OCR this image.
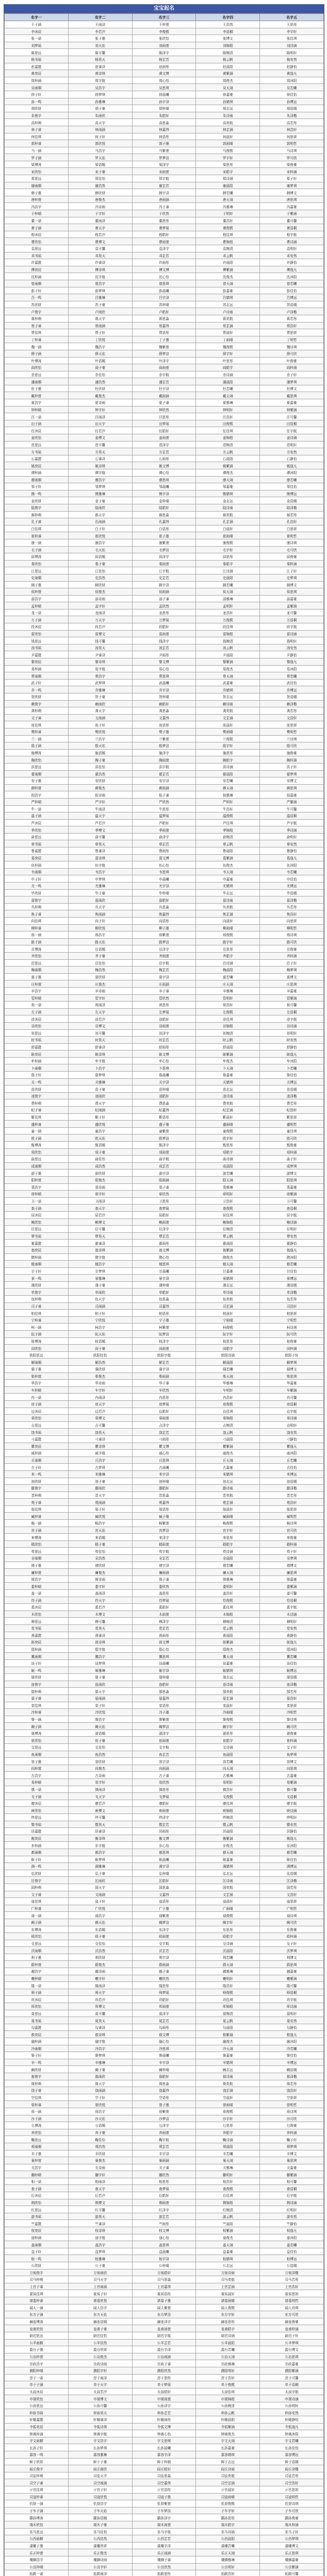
宝宝起名
名字一	名字二	名字三	名字四	名字五
王子涵	王雨泽	王梓萱	王浩然	王思彤
李沐辰	李若汐	李俊熙	李语桐	李宇轩
张一诺	张子墨	张欣怡	张博文	张佳琪
刘梦瑶	刘天佑	刘雨萱	刘锦程	刘诗涵
陈思远	陈可馨	陈泽宇	陈婉清	陈明轩
杨书瑶	杨昊天	杨芷若	杨云帆	杨安然
赵嘉懿	赵睿泽	赵雨彤	赵晨阳	赵静怡
黄奕辰	黄诗琪	黄文博	黄紫涵	黄逸凡
周梓涵	周宇航	周心怡	周俊杰	周沐阳
吴雨桐	吴浩宇	吴思琪	吴天翊	吴若曦
徐子轩	徐梦琪	徐晨曦	徐嘉豪	徐佳怡
孙一鸣	孙雅琳	孙宇泽	孙婧琪	孙博远
胡欣妍	胡子豪	胡梓晴	胡志远	胡语嫣
朱俊宇	朱雨欣	朱皓轩	朱诗雨	朱泽楷
高梓萌	高天宇	高思淼	高奕航	高若彤
林子睿	林雨涵	林嘉伟	林芷涵	林浩轩
何佳琪	何子轩	何语彤	何晨轩	何思妍
郭梓睿	郭欣悦	郭子墨	郭雨晴	郭明哲
马一涵	马浩宇	马紫萱	马俊熙	马诗琪
罗子涵	罗天佑	罗梦洁	罗宇轩	罗可欣
梁博涛	梁语嫣	梁泽宇	梁思彤	梁俊豪
宋欣怡	宋子豪	宋雨萱	宋皓宇	宋梓涵
郑思远	郑佳怡	郑宇航	郑诗涵	郑子轩
谢雨桐	谢浩然	谢芷若	谢晨阳	谢梦琪
韩子墨	韩欣妍	韩宇泽	韩若曦	韩博文
唐梓萱	唐俊杰	唐雨涵	唐天翊	唐思琪
冯浩宇	冯诗雨	冯子睿	冯雅琳	冯嘉豪
于梓晴	于宇轩	于欣然	于明轩	于紫涵
董一诺	董雨泽	董思彤	董浩轩	董可馨
萧子涵	萧天宇	萧梦瑶	萧俊熙	萧语桐
程沐辰	程若汐	程皓轩	程佳琪	程宇航
曹欣怡	曹博文	曹雨萱	曹锦程	曹诗涵
袁思远	袁可馨	袁泽宇	袁婉清	袁明轩
邓书瑶	邓昊天	邓芷若	邓云帆	邓安然
许嘉懿	许睿泽	许雨彤	许晨阳	许静怡
傅奕辰	傅诗琪	傅文博	傅紫涵	傅逸凡
沈梓涵	沈宇航	沈心怡	沈俊杰	沈沐阳
曾雨桐	曾浩宇	曾思琪	曾天翊	曾若曦
彭子轩	彭梦琪	彭晨曦	彭嘉豪	彭佳怡
吕一鸣	吕雅琳	吕宇泽	吕婧琪	吕博远
苏欣妍	苏子豪	苏梓晴	苏志远	苏语嫣
卢俊宇	卢雨欣	卢皓轩	卢诗雨	卢泽楷
蒋梓萌	蒋天宇	蒋思淼	蒋奕航	蒋若彤
蔡子睿	蔡雨涵	蔡嘉伟	蔡芷涵	蔡浩轩
贾佳琪	贾子轩	贾语彤	贾晨轩	贾思妍
丁梓睿	丁欣悦	丁子墨	丁雨晴	丁明哲
魏一涵	魏浩宇	魏紫萱	魏俊熙	魏诗琪
薛子涵	薛天佑	薛梦洁	薛宇轩	薛可欣
叶博涛	叶语嫣	叶泽宇	叶思彤	叶俊豪
阎欣怡	阎子豪	阎雨萱	阎皓宇	阎梓涵
余思远	余佳怡	余宇航	余诗涵	余子轩
潘雨桐	潘浩然	潘芷若	潘晨阳	潘梦琪
杜子墨	杜欣妍	杜宇泽	杜若曦	杜博文
戴梓萱	戴俊杰	戴雨涵	戴天翊	戴思琪
夏浩宇	夏诗雨	夏子睿	夏雅琳	夏嘉豪
钟梓晴	钟宇轩	钟欣然	钟明轩	钟紫涵
汪一诺	汪雨泽	汪思彤	汪浩轩	汪可馨
田子涵	田天宇	田梦瑶	田俊熙	田语桐
任沐辰	任若汐	任皓轩	任佳琪	任宇航
姜欣怡	姜博文	姜雨萱	姜锦程	姜诗涵
范思远	范可馨	范泽宇	范婉清	范明轩
方书瑶	方昊天	方芷若	方云帆	方安然
石嘉懿	石睿泽	石雨彤	石晨阳	石静怡
姚奕辰	姚诗琪	姚文博	姚紫涵	姚逸凡
谭梓涵	谭宇航	谭心怡	谭俊杰	谭沐阳
廖雨桐	廖浩宇	廖思琪	廖天翊	廖若曦
邹子轩	邹梦琪	邹晨曦	邹嘉豪	邹佳怡
熊一鸣	熊雅琳	熊宇泽	熊婧琪	熊博远
金欣妍	金子豪	金梓晴	金志远	金语嫣
陆俊宇	陆雨欣	陆皓轩	陆诗雨	陆泽楷
郝梓萌	郝天宇	郝思淼	郝奕航	郝若彤
孔子睿	孔雨涵	孔嘉伟	孔芷涵	孔浩轩
白佳琪	白子轩	白语彤	白晨轩	白思妍
崔梓睿	崔欣悦	崔子墨	崔雨晴	崔明哲
康一涵	康浩宇	康紫萱	康俊熙	康诗琪
毛子涵	毛天佑	毛梦洁	毛宇轩	毛可欣
邱博涛	邱语嫣	邱泽宇	邱思彤	邱俊豪
秦欣怡	秦子豪	秦雨萱	秦皓宇	秦梓涵
江思远	江佳怡	江宇航	江诗涵	江子轩
史雨桐	史浩然	史芷若	史晨阳	史梦琪
顾子墨	顾欣妍	顾宇泽	顾若曦	顾博文
侯梓萱	侯俊杰	侯雨涵	侯天翊	侯思琪
邵浩宇	邵诗雨	邵子睿	邵雅琳	邵嘉豪
孟梓晴	孟宇轩	孟欣然	孟明轩	孟紫涵
龙一诺	龙雨泽	龙思彤	龙浩轩	龙可馨
万子涵	万天宇	万梦瑶	万俊熙	万语桐
段沐辰	段若汐	段皓轩	段佳琪	段宇航
雷欣怡	雷博文	雷雨萱	雷锦程	雷诗涵
钱思远	钱可馨	钱泽宇	钱婉清	钱明轩
汤书瑶	汤昊天	汤芷若	汤云帆	汤安然
尹嘉懿	尹睿泽	尹雨彤	尹晨阳	尹静怡
黎奕辰	黎诗琪	黎文博	黎紫涵	黎逸凡
易梓涵	易宇航	易心怡	易俊杰	易沐阳
常雨桐	常浩宇	常思琪	常天翊	常若曦
武子轩	武梦琪	武晨曦	武嘉豪	武佳怡
乔一鸣	乔雅琳	乔宇泽	乔婧琪	乔博远
贺欣妍	贺子豪	贺梓晴	贺志远	贺语嫣
赖俊宇	赖雨欣	赖皓轩	赖诗雨	赖泽楷
龚梓萌	龚天宇	龚思淼	龚奕航	龚若彤
文子睿	文雨涵	文嘉伟	文芷涵	文浩轩
庞佳琪	庞子轩	庞语彤	庞晨轩	庞思妍
樊梓睿	樊欣悦	樊子墨	樊雨晴	樊明哲
兰一涵	兰浩宇	兰紫萱	兰俊熙	兰诗琪
殷子涵	殷天佑	殷梦洁	殷宇轩	殷可欣
施博涛	施语嫣	施泽宇	施思彤	施俊豪
陶欣怡	陶子豪	陶雨萱	陶皓宇	陶梓涵
洪思远	洪佳怡	洪宇航	洪诗涵	洪子轩
翟雨桐	翟浩然	翟芷若	翟晨阳	翟梦琪
安子墨	安欣妍	安宇泽	安若曦	安博文
颜梓萱	颜俊杰	颜雨涵	颜天翊	颜思琪
倪浩宇	倪诗雨	倪子睿	倪雅琳	倪嘉豪
严梓晴	严宇轩	严欣然	严明轩	严紫涵
牛一诺	牛雨泽	牛思彤	牛浩轩	牛可馨
温子涵	温天宇	温梦瑶	温俊熙	温语桐
芦沐辰	芦若汐	芦皓轩	芦佳琪	芦宇航
季欣怡	季博文	季雨萱	季锦程	季诗涵
俞思远	俞可馨	俞泽宇	俞婉清	俞明轩
章书瑶	章昊天	章芷若	章云帆	章安然
鲁嘉懿	鲁睿泽	鲁雨彤	鲁晨阳	鲁静怡
葛奕辰	葛诗琪	葛文博	葛紫涵	葛逸凡
伍梓涵	伍宇航	伍心怡	伍俊杰	伍沐阳
韦雨桐	韦浩宇	韦思琪	韦天翊	韦若曦
申子轩	申梦琪	申晨曦	申嘉豪	申佳怡
尤一鸣	尤雅琳	尤宇泽	尤婧琪	尤博远
毕欣妍	毕子豪	毕梓晴	毕志远	毕语嫣
聂俊宇	聂雨欣	聂皓轩	聂诗雨	聂泽楷
丛梓萌	丛天宇	丛思淼	丛奕航	丛若彤
焦子睿	焦雨涵	焦嘉伟	焦芷涵	焦浩轩
向佳琪	向子轩	向语彤	向晨轩	向思妍
柳梓睿	柳欣悦	柳子墨	柳雨晴	柳明哲
邢一涵	邢浩宇	邢紫萱	邢俊熙	邢诗琪
路子涵	路天佑	路梦洁	路宇轩	路可欣
岳博涛	岳语嫣	岳泽宇	岳思彤	岳俊豪
齐欣怡	齐子豪	齐雨萱	齐皓宇	齐梓涵
沿思远	沿佳怡	沿宇航	沿诗涵	沿子轩
梅雨桐	梅浩然	梅芷若	梅晨阳	梅梦琪
莫子墨	莫欣妍	莫宇泽	莫若曦	莫博文
庄梓萱	庄俊杰	庄雨涵	庄天翊	庄思琪
辛浩宇	辛诗雨	辛子睿	辛雅琳	辛嘉豪
管梓晴	管宇轩	管欣然	管明轩	管紫涵
祝一诺	祝雨泽	祝思彤	祝浩轩	祝可馨
左子涵	左天宇	左梦瑶	左俊熙	左语桐
涂沐辰	涂若汐	涂皓轩	涂佳琪	涂宇航
谷欣怡	谷博文	谷雨萱	谷锦程	谷诗涵
祁思远	祁可馨	祁泽宇	祁婉清	祁明轩
时书瑶	时昊天	时芷若	时云帆	时安然
舒嘉懿	舒睿泽	舒雨彤	舒晨阳	舒静怡
耿奕辰	耿诗琪	耿文博	耿紫涵	耿逸凡
牟梓涵	牟宇航	牟心怡	牟俊杰	牟沐阳
卜雨桐	卜浩宇	卜思琪	卜天翊	卜若曦
詹子轩	詹梦琪	詹晨曦	詹嘉豪	詹佳怡
关一鸣	关雅琳	关宇泽	关婧琪	关博远
苗欣妍	苗子豪	苗梓晴	苗志远	苗语嫣
凌俊宇	凌雨欣	凌皓轩	凌诗雨	凌泽楷
费梓萌	费天宇	费思淼	费奕航	费若彤
纪子睿	纪雨涵	纪嘉伟	纪芷涵	纪浩轩
靳佳琪	靳子轩	靳语彤	靳晨轩	靳思妍
盛梓睿	盛欣悦	盛子墨	盛雨晴	盛明哲
童一涵	童浩宇	童紫萱	童俊熙	童诗琪
欧子涵	欧天佑	欧梦洁	欧宇轩	欧可欣
甄博涛	甄语嫣	甄泽宇	甄思彤	甄俊豪
项欣怡	项子豪	项雨萱	项皓宇	项梓涵
曲思远	曲佳怡	曲宇航	曲诗涵	曲子轩
成雨桐	成浩然	成芷若	成晨阳	成梦琪
游子墨	游欣妍	游宇泽	游若曦	游博文
阳梓萱	阳俊杰	阳雨涵	阳天翊	阳思琪
裴浩宇	裴诗雨	裴子睿	裴雅琳	裴嘉豪
席梓晴	席宇轩	席欣然	席明轩	席紫涵
卫一诺	卫雨泽	卫思彤	卫浩轩	卫可馨
查子涵	查天宇	查梦瑶	查俊熙	查语桐
屈沐辰	屈若汐	屈皓轩	屈佳琪	屈宇航
鲍欣怡	鲍博文	鲍雨萱	鲍锦程	鲍诗涵
位思远	位可馨	位泽宇	位婉清	位明轩
覃书瑶	覃昊天	覃芷若	覃云帆	覃安然
霍嘉懿	霍睿泽	霍雨彤	霍晨阳	霍静怡
翁奕辰	翁诗琪	翁文博	翁紫涵	翁逸凡
隋梓涵	隋宇航	隋心怡	隋俊杰	隋沐阳
植雨桐	植浩宇	植思琪	植天翊	植若曦
甘子轩	甘梦琪	甘晨曦	甘嘉豪	甘佳怡
景一鸣	景雅琳	景宇泽	景婧琪	景博远
薄欣妍	薄子豪	薄梓晴	薄志远	薄语嫣
单俊宇	单雨欣	单皓轩	单诗雨	单泽楷
包梓萌	包天宇	包思淼	包奕航	包若彤
司子睿	司雨涵	司嘉伟	司芷涵	司浩轩
柏佳琪	柏子轩	柏语彤	柏晨轩	柏思妍
宁梓睿	宁欣悦	宁子墨	宁雨晴	宁明哲
柯一涵	柯浩宇	柯紫萱	柯俊熙	柯诗琪
阮子涵	阮天佑	阮梦洁	阮宇轩	阮可欣
桂博涛	桂语嫣	桂泽宇	桂思彤	桂俊豪
闵欣怡	闵子豪	闵雨萱	闵皓宇	闵梓涵
欧阳思远	欧阳佳怡	欧阳宇航	欧阳诗涵	欧阳子轩
解雨桐	解浩然	解芷若	解晨阳	解梦琪
强子墨	强欣妍	强宇泽	强若曦	强博文
柴梓萱	柴俊杰	柴雨涵	柴天翊	柴思琪
华浩宇	华诗雨	华子睿	华雅琳	华嘉豪
车梓晴	车宇轩	车欣然	车明轩	车紫涵
冉一诺	冉雨泽	冉思彤	冉浩轩	冉可馨
房子涵	房天宇	房梦瑶	房俊熙	房语桐
边沐辰	边若汐	边皓轩	边佳琪	边宇航
辜欣怡	辜博文	辜雨萱	辜锦程	辜诗涵
吉思远	吉可馨	吉泽宇	吉婉清	吉明轩
饶书瑶	饶昊天	饶芷若	饶云帆	饶安然
刁嘉懿	刁睿泽	刁雨彤	刁晨阳	刁静怡
瞿奕辰	瞿诗琪	瞿文博	瞿紫涵	瞿逸凡
戚梓涵	戚宇航	戚心怡	戚俊杰	戚沐阳
丘雨桐	丘浩宇	丘思琪	丘天翊	丘若曦
古子轩	古梦琪	古晨曦	古嘉豪	古佳怡
米一鸣	米雅琳	米宇泽	米婧琪	米博远
池欣妍	池子豪	池梓晴	池志远	池语嫣
滕俊宇	滕雨欣	滕皓轩	滕诗雨	滕泽楷
晋梓萌	晋天宇	晋思淼	晋奕航	晋若彤
苑子睿	苑雨涵	苑嘉伟	苑芷涵	苑浩轩
邬佳琪	邬子轩	邬语彤	邬晨轩	邬思妍
臧梓睿	臧欣悦	臧子墨	臧雨晴	臧明哲
畅一涵	畅浩宇	畅紫萱	畅俊熙	畅诗琪
宫子涵	宫天佑	宫梦洁	宫宇轩	宫可欣
来博涛	来语嫣	来泽宇	来思彤	来俊豪
嵇欣怡	嵇子豪	嵇雨萱	嵇皓宇	嵇梓涵
苟思远	苟佳怡	苟宇航	苟诗涵	苟子轩
全雨桐	全浩然	全芷若	全晨阳	全梦琪
褚子墨	褚欣妍	褚宇泽	褚若曦	褚博文
廉梓萱	廉俊杰	廉雨涵	廉天翊	廉思琪
简浩宇	简诗雨	简子睿	简雅琳	简嘉豪
娄梓晴	娄宇轩	娄欣然	娄明轩	娄紫涵
盖一诺	盖雨泽	盖思彤	盖浩轩	盖可馨
符子涵	符天宇	符梦瑶	符俊熙	符语桐
奚沐辰	奚若汐	奚皓轩	奚佳琪	奚宇航
木欣怡	木博文	木雨萱	木锦程	木诗涵
穆思远	穆可馨	穆泽宇	穆婉清	穆明轩
党书瑶	党昊天	党芷若	党云帆	党安然
燕嘉懿	燕睿泽	燕雨彤	燕晨阳	燕静怡
郎奕辰	郎诗琪	郎文博	郎紫涵	郎逸凡
邸梓涵	邸宇航	邸心怡	邸俊杰	邸沐阳
冀雨桐	冀浩宇	冀思琪	冀天翊	冀若曦
谈子轩	谈梦琪	谈晨曦	谈嘉豪	谈佳怡
姬一鸣	姬雅琳	姬宇泽	姬婧琪	姬博远
屠欣妍	屠子豪	屠梓晴	屠志远	屠语嫣
连俊宇	连雨欣	连皓轩	连诗雨	连泽楷
郜梓萌	郜天宇	郜思淼	郜奕航	郜若彤
晏子睿	晏雨涵	晏嘉伟	晏芷涵	晏浩轩
栾佳琪	栾子轩	栾语彤	栾晨轩	栾思妍
冷梓睿	冷欣悦	冷子墨	冷雨晴	冷明哲
訾一涵	訾浩宇	訾紫萱	訾俊熙	訾诗琪
阚子涵	阚天佑	阚梦洁	阚宇轩	阚可欣
谌博涛	谌语嫣	谌泽宇	谌思彤	谌俊豪
宦欣怡	宦子豪	宦雨萱	宦皓宇	宦梓涵
艾思远	艾佳怡	艾宇航	艾诗涵	艾子轩
鱼雨桐	鱼浩然	鱼芷若	鱼晨阳	鱼梦琪
容子墨	容欣妍	容宇泽	容若曦	容博文
向梓萱	向俊杰	向雨涵	向天翊	向思琪
古浩宇	古诗雨	古子睿	古雅琳	古嘉豪
易梓晴	易宇轩	易欣然	易明轩	易紫涵
慎一诺	慎雨泽	慎思彤	慎浩轩	慎可馨
戈子涵	戈天宇	戈梦瑶	戈俊熙	戈语桐
廖沐辰	廖若汐	廖皓轩	廖佳琪	廖宇航
庾欣怡	庾博文	庾雨萱	庾锦程	庾诗涵
终思远	终可馨	终泽宇	终婉清	终明轩
暨书瑶	暨昊天	暨芷若	暨云帆	暨安然
居嘉懿	居睿泽	居雨彤	居晨阳	居静怡
衡奕辰	衡诗琪	衡文博	衡紫涵	衡逸凡
步梓涵	步宇航	步心怡	步俊杰	步沐阳
都雨桐	都浩宇	都思琪	都天翊	都若曦
耿子轩	耿梦琪	耿晨曦	耿嘉豪	耿佳怡
满一鸣	满雅琳	满宇泽	满婧琪	满博远
弘欣妍	弘子豪	弘梓晴	弘志远	弘语嫣
匡俊宇	匡雨欣	匡皓轩	匡诗雨	匡泽楷
国梓萌	国天宇	国思淼	国奕航	国若彤
文子睿	文雨涵	文嘉伟	文芷涵	文浩轩
寇佳琪	寇子轩	寇语彤	寇晨轩	寇思妍
广梓睿	广欣悦	广子墨	广雨晴	广明哲
禄一涵	禄浩宇	禄紫萱	禄俊熙	禄诗琪
阙子涵	阙天佑	阙梦洁	阙宇轩	阙可欣
东博涛	东语嫣	东泽宇	东思彤	东俊豪
殴欣怡	殴子豪	殴雨萱	殴皓宇	殴梓涵
殳思远	殳佳怡	殳宇航	殳诗涵	殳子轩
沃雨桐	沃浩然	沃芷若	沃晨阳	沃梦琪
利子墨	利欣妍	利宇泽	利若曦	利博文
蔚梓萱	蔚俊杰	蔚雨涵	蔚天翊	蔚思琪
越浩宇	越诗雨	越子睿	越雅琳	越嘉豪
夔梓晴	夔宇轩	夔欣然	夔明轩	夔紫涵
隆一诺	隆雨泽	隆思彤	隆浩轩	隆可馨
师子涵	师天宇	师梦瑶	师俊熙	师语桐
巩沐辰	巩若汐	巩皓轩	巩佳琪	巩宇航
厍欣怡	厍博文	厍雨萱	厍锦程	厍诗涵
聂思远	聂可馨	聂泽宇	聂婉清	聂明轩
晁书瑶	晁昊天	晁芷若	晁云帆	晁安然
勾嘉懿	勾睿泽	勾雨彤	勾晨阳	勾静怡
敖奕辰	敖诗琪	敖文博	敖紫涵	敖逸凡
融梓涵	融宇航	融心怡	融俊杰	融沐阳
冷雨桐	冷浩宇	冷思琪	冷天翊	冷若曦
訾子轩	訾梦琪	訾晨曦	訾嘉豪	訾佳怡
辛一鸣	辛雅琳	辛宇泽	辛婧琪	辛博远
阚欣妍	阚子豪	阚梓晴	阚志远	阚语嫣
那俊宇	那雨欣	那皓轩	那诗雨	那泽楷
简梓萌	简天宇	简思淼	简奕航	简若彤
饶子睿	饶雨涵	饶嘉伟	饶芷涵	饶浩轩
空佳琪	空子轩	空语彤	空晨轩	空思妍
曾梓睿	曾欣悦	曾子墨	曾雨晴	曾明哲
毋一涵	毋浩宇	毋紫萱	毋俊熙	毋诗琪
沙子涵	沙天佑	沙梦洁	沙宇轩	沙可欣
乜博涛	乜语嫣	乜泽宇	乜思彤	乜俊豪
养欣怡	养子豪	养雨萱	养皓宇	养梓涵
鞠思远	鞠佳怡	鞠宇航	鞠诗涵	鞠子轩
须雨桐	须浩然	须芷若	须晨阳	须梦琪
丰子墨	丰欣妍	丰宇泽	丰若曦	丰博文
巢梓萱	巢俊杰	巢雨涵	巢天翊	巢思琪
关浩宇	关诗雨	关子睿	关雅琳	关嘉豪
蒯梓晴	蒯宇轩	蒯欣然	蒯明轩	蒯紫涵
相一诺	相雨泽	相思彤	相浩轩	相可馨
查子涵	查天宇	查梦瑶	查俊熙	查语桐
后沐辰	后若汐	后皓轩	后佳琪	后宇航
荆欣怡	荆博文	荆雨萱	荆锦程	荆诗涵
红思远	红可馨	红泽宇	红婉清	红明轩
游书瑶	游昊天	游芷若	游云帆	游安然
竺嘉懿	竺睿泽	竺雨彤	竺晨阳	竺静怡
权奕辰	权诗琪	权文博	权紫涵	权逸凡
逯梓涵	逯宇航	逯心怡	逯俊杰	逯沐阳
盖雨桐	盖浩宇	盖思琪	盖天翊	盖若曦
益子轩	益梦琪	益晨曦	益嘉豪	益佳怡
桓一鸣	桓雅琳	桓宇泽	桓婧琪	桓博远
公欣妍	公子豪	公梓晴	公志远	公语嫣
万俟俊宇	万俟雨欣	万俟皓轩	万俟诗雨	万俟泽楷
司马梓萌	司马天宇	司马思淼	司马奕航	司马若彤
上官子睿	上官雨涵	上官嘉伟	上官芷涵	上官浩轩
夏侯佳琪	夏侯子轩	夏侯语彤	夏侯晨轩	夏侯思妍
诸葛梓睿	诸葛欣悦	诸葛子墨	诸葛雨晴	诸葛明哲
闻人一涵	闻人浩宇	闻人紫萱	闻人俊熙	闻人诗琪
东方子涵	东方天佑	东方梦洁	东方宇轩	东方可欣
赫连博涛	赫连语嫣	赫连泽宇	赫连思彤	赫连俊豪
皇甫欣怡	皇甫子豪	皇甫雨萱	皇甫皓宇	皇甫梓涵
尉迟思远	尉迟佳怡	尉迟宇航	尉迟诗涵	尉迟子轩
公羊雨桐	公羊浩然	公羊芷若	公羊晨阳	公羊梦琪
澹台子墨	澹台欣妍	澹台宇泽	澹台若曦	澹台博文
公冶梓萱	公冶俊杰	公冶雨涵	公冶天翊	公冶思琪
宗政浩宇	宗政诗雨	宗政子睿	宗政雅琳	宗政嘉豪
濮阳梓晴	濮阳宇轩	濮阳欣然	濮阳明轩	濮阳紫涵
淳于一诺	淳于雨泽	淳于思彤	淳于浩轩	淳于可馨
单于子涵	单于天宇	单于梦瑶	单于俊熙	单于语桐
太叔沐辰	太叔若汐	太叔皓轩	太叔佳琪	太叔宇航
申屠欣怡	申屠博文	申屠雨萱	申屠锦程	申屠诗涵
公孙思远	公孙可馨	公孙泽宇	公孙婉清	公孙明轩
仲孙书瑶	仲孙昊天	仲孙芷若	仲孙云帆	仲孙安然
轩辕嘉懿	轩辕睿泽	轩辕雨彤	轩辕晨阳	轩辕静怡
令狐奕辰	令狐诗琪	令狐文博	令狐紫涵	令狐逸凡
钟离梓涵	钟离宇航	钟离心怡	钟离俊杰	钟离沐阳
宇文雨桐	宇文浩宇	宇文思琪	宇文天翊	宇文若曦
长孙子轩	长孙梦琪	长孙晨曦	长孙嘉豪	长孙佳怡
慕容一鸣	慕容雅琳	慕容宇泽	慕容婧琪	慕容博远
鲜于欣妍	鲜于子豪	鲜于梓晴	鲜于志远	鲜于语嫣
闾丘俊宇	闾丘雨欣	闾丘皓轩	闾丘诗雨	闾丘泽楷
司徒梓萌	司徒天宇	司徒思淼	司徒奕航	司徒若彤
司空子睿	司空雨涵	司空嘉伟	司空芷涵	司空浩轩
亓官佳琪	亓官子轩	亓官语彤	亓官晨轩	亓官思妍
司寇梓睿	司寇欣悦	司寇子墨	司寇雨晴	司寇明哲
仉督一涵	仉督浩宇	仉督紫萱	仉督俊熙	仉督诗琪
子车子涵	子车天佑	子车梦洁	子车宇轩	子车可欣
颛孙博涛	颛孙语嫣	颛孙泽宇	颛孙思彤	颛孙俊豪
端木欣怡	端木子豪	端木雨萱	端木皓宇	端木梓涵
巫马思远	巫马佳怡	巫马宇航	巫马诗涵	巫马子轩
公西雨桐	公西浩然	公西芷若	公西晨阳	公西梦琪
漆雕子墨	漆雕欣妍	漆雕宇泽	漆雕若曦	漆雕博文
乐正梓萱	乐正俊杰	乐正雨涵	乐正天翊	乐正思琪
壤驷浩宇	壤驷诗雨	壤驷子睿	壤驷雅琳	壤驷嘉豪
公良梓晴	公良宇轩	公良欣然	公良明轩	公良紫涵
拓跋一诺	拓跋雨泽	拓跋思彤	拓跋浩轩	拓跋可馨
